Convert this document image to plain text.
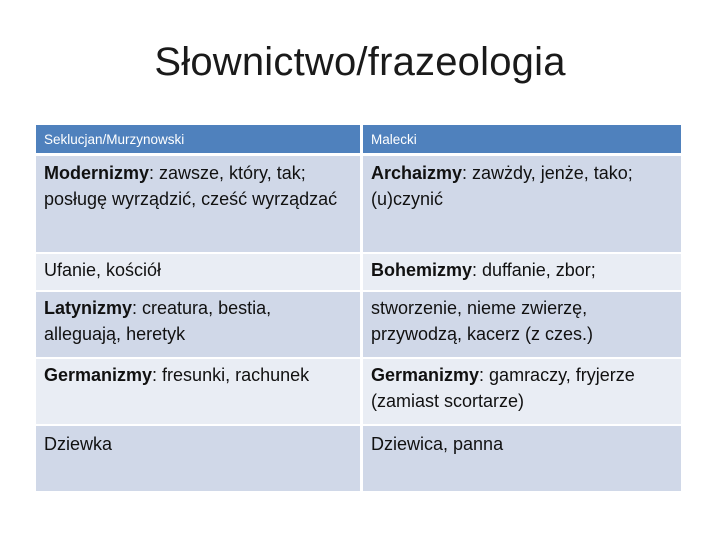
Słownictwo/frazeologia
Seklucjan/Murzynowski	Malecki
Modernizmy: zawsze, który, tak; posługę wyrządzić, cześć wyrządzać	Archaizmy: zawżdy, jenże, tako; (u)czynić
Ufanie, kościół	Bohemizmy: duffanie, zbor;
Latynizmy: creatura, bestia, alleguają, heretyk	stworzenie, nieme zwierzę, przywodzą, kacerz (z czes.)
Germanizmy: fresunki, rachunek	Germanizmy: gamraczy, fryjerze (zamiast scortarze)
Dziewka	Dziewica, panna
